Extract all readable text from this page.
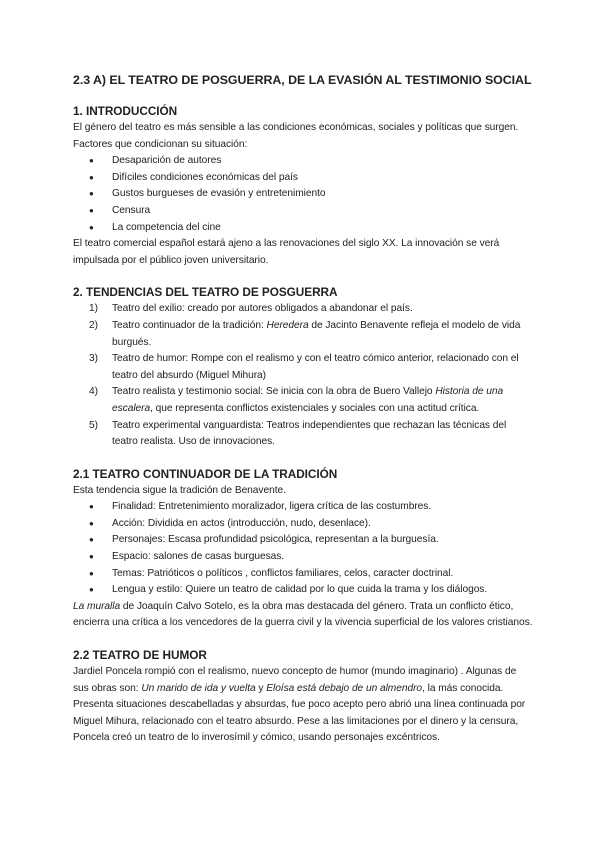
2.3 A) EL TEATRO DE POSGUERRA, DE LA EVASIÓN AL TESTIMONIO SOCIAL
1. INTRODUCCIÓN

El género del teatro es más sensible a las condiciones económicas, sociales y políticas que surgen.

Factores que condicionan su situación:

● Desaparición de autores
● Difíciles condiciones económicas del país
● Gustos burgueses de evasión y entretenimiento
● Censura
● La competencia del cine

El teatro comercial español estará ajeno a las renovaciones del siglo XX. La innovación se verá impulsada por el público joven universitario.

2. TENDENCIAS DEL TEATRO DE POSGUERRA
1) Teatro del exilio: creado por autores obligados a abandonar el país.
2) Teatro continuador de la tradición: Heredera de Jacinto Benavente refleja el modelo de vida burgués.
3) Teatro de humor: Rompe con el realismo y con el teatro cómico anterior, relacionado con el teatro del absurdo (Miguel Mihura)
4) Teatro realista y testimonio social: Se inicia con la obra de Buero Vallejo Historia de una escalera, que representa conflictos existenciales y sociales con una actitud crítica.
5) Teatro experimental vanguardista: Teatros independientes que rechazan las técnicas del teatro realista. Uso de innovaciones.
2.1 TEATRO CONTINUADOR DE LA TRADICIÓN

Esta tendencia sigue la tradición de Benavente.

● Finalidad: Entretenimiento moralizador, ligera crítica de las costumbres.
● Acción: Dividida en actos (introducción, nudo, desenlace).
● Personajes: Escasa profundidad psicológica, representan a la burguesía.
● Espacio: salones de casas burguesas.
● Temas: Patrióticos o políticos , conflictos familiares, celos, caracter doctrinal.
● Lengua y estilo: Quiere un teatro de calidad por lo que cuida la trama y los diálogos.

La muralla de Joaquín Calvo Sotelo, es la obra mas destacada del género. Trata un conflicto ético, encierra una crítica a los vencedores de la guerra civil y la vivencia superficial de los valores cristianos.

2.2 TEATRO DE HUMOR

Jardiel Poncela rompió con el realismo, nuevo concepto de humor (mundo imaginario) . Algunas de sus obras son: Un marido de ida y vuelta y Eloísa está debajo de un almendro, la más conocida. Presenta situaciones descabelladas y absurdas, fue poco acepto pero abrió una línea continuada por Miguel Mihura, relacionado con el teatro absurdo. Pese a las limitaciones por el dinero y la censura, Poncela creó un teatro de lo inverosímil y cómico, usando personajes excéntricos.
